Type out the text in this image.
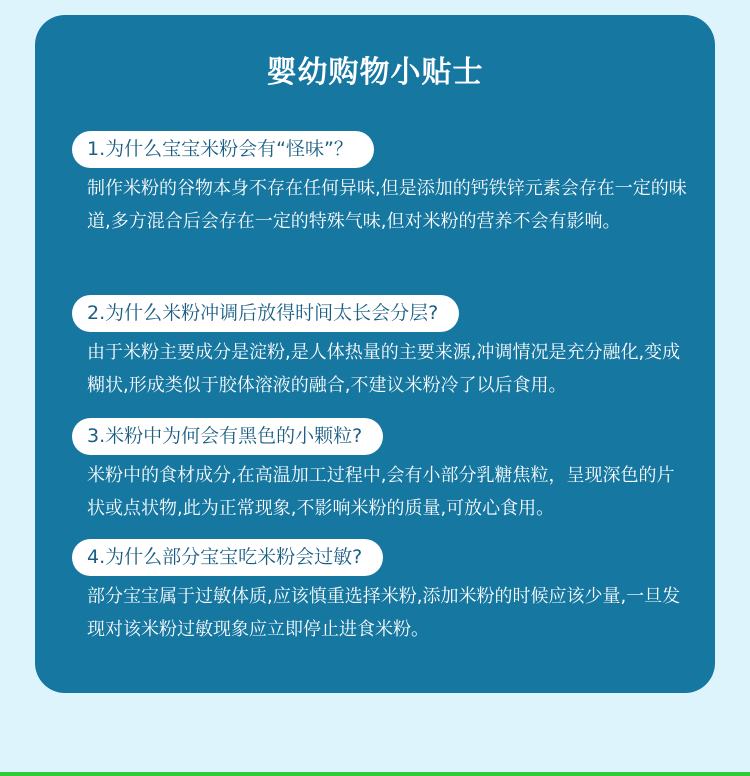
婴幼购物小贴士
1.为什么宝宝米粉会有“怪味”？
制作米粉的谷物本身不存在任何异味,但是添加的钙铁锌元素会存在一定的味道,多方混合后会存在一定的特殊气味,但对米粉的营养不会有影响。
2.为什么米粉冲调后放得时间太长会分层?
由于米粉主要成分是淀粉,是人体热量的主要来源,冲调情况是充分融化,变成糊状,形成类似于胶体溶液的融合,不建议米粉冷了以后食用。
3.米粉中为何会有黑色的小颗粒?
米粉中的食材成分,在高温加工过程中,会有小部分乳糖焦粒，呈现深色的片状或点状物,此为正常现象,不影响米粉的质量,可放心食用。
4.为什么部分宝宝吃米粉会过敏?
部分宝宝属于过敏体质,应该慎重选择米粉,添加米粉的时候应该少量,一旦发现对该米粉过敏现象应立即停止进食米粉。
